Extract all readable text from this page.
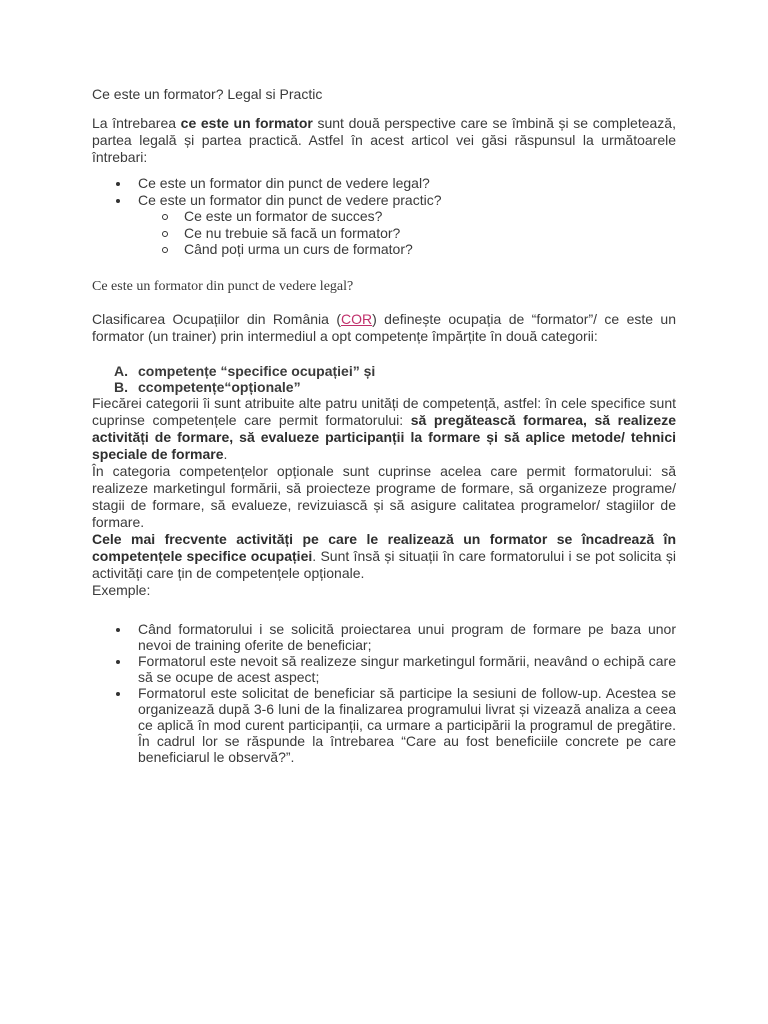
Ce este un formator? Legal si Practic

La întrebarea ce este un formator sunt două perspective care se îmbină și se completează, partea legală și partea practică. Astfel în acest articol vei găsi răspunsul la următoarele întrebari:

Ce este un formator din punct de vedere legal?
Ce este un formator din punct de vedere practic?
Ce este un formator de succes?
Ce nu trebuie să facă un formator?
Când poți urma un curs de formator?
Ce este un formator din punct de vedere legal?

Clasificarea Ocupațiilor din România (COR) definește ocupația de “formator”/ ce este un formator (un trainer) prin intermediul a opt competențe împărțite în două categorii:

A. competențe “specifice ocupației” și
B. ccompetențe“opționale”

Fiecărei categorii îi sunt atribuite alte patru unități de competență, astfel: în cele specifice sunt cuprinse competențele care permit formatorului: să pregătească formarea, să realizeze activități de formare, să evalueze participanții la formare și să aplice metode/ tehnici speciale de formare.

În categoria competențelor opționale sunt cuprinse acelea care permit formatorului: să realizeze marketingul formării, să proiecteze programe de formare, să organizeze programe/ stagii de formare, să evalueze, revizuiască și să asigure calitatea programelor/ stagiilor de formare.

Cele mai frecvente activități pe care le realizează un formator se încadrează în competențele specifice ocupației. Sunt însă și situații în care formatorului i se pot solicita și activități care țin de competențele opționale.

Exemple:

Când formatorului i se solicită proiectarea unui program de formare pe baza unor nevoi de training oferite de beneficiar;
Formatorul este nevoit să realizeze singur marketingul formării, neavând o echipă care să se ocupe de acest aspect;
Formatorul este solicitat de beneficiar să participe la sesiuni de follow-up. Acestea se organizează după 3-6 luni de la finalizarea programului livrat și vizează analiza a ceea ce aplică în mod curent participanții, ca urmare a participării la programul de pregătire. În cadrul lor se răspunde la întrebarea “Care au fost beneficiile concrete pe care beneficiarul le observă?”.
